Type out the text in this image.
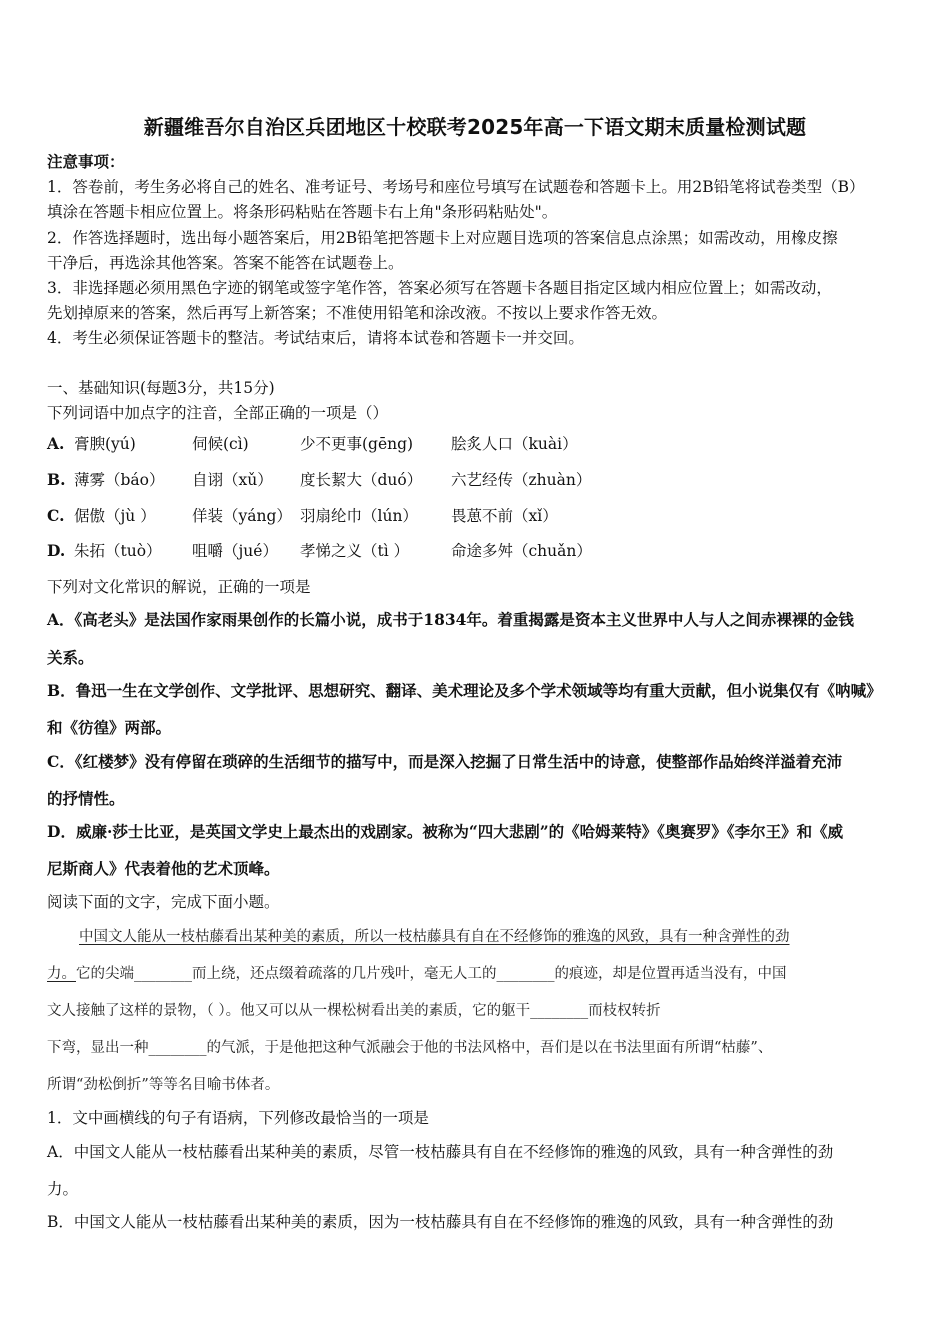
新疆维吾尔自治区兵团地区十校联考2025年高一下语文期末质量检测试题
注意事项：
1．答卷前，考生务必将自己的姓名、准考证号、考场号和座位号填写在试题卷和答题卡上。用2B铅笔将试卷类型（B）
填涂在答题卡相应位置上。将条形码粘贴在答题卡右上角"条形码粘贴处"。
2．作答选择题时，选出每小题答案后，用2B铅笔把答题卡上对应题目选项的答案信息点涂黑；如需改动，用橡皮擦
干净后，再选涂其他答案。答案不能答在试题卷上。
3．非选择题必须用黑色字迹的钢笔或签字笔作答，答案必须写在答题卡各题目指定区域内相应位置上；如需改动，
先划掉原来的答案，然后再写上新答案；不准使用铅笔和涂改液。不按以上要求作答无效。
4．考生必须保证答题卡的整洁。考试结束后，请将本试卷和答题卡一并交回。
一、基础知识(每题3分，共15分)
下列词语中加点字的注音，全部正确的一项是（）
A. 膏腴(yú)	伺候(cì)	少不更事(gēng) 脍炙人口（kuài）
B. 薄雾（báo） 自诩（xǔ） 度长絜大（duó） 六艺经传（zhuàn）
C. 倨傲（jù ） 佯装（yáng） 羽扇纶巾（lún） 畏葸不前（xǐ）
D. 朱拓（tuò） 咀嚼（jué） 孝悌之义（tì ）	命途多舛（chuǎn）
下列对文化常识的解说，正确的一项是
A．《高老头》是法国作家雨果创作的长篇小说，成书于1834年。着重揭露是资本主义世界中人与人之间赤裸裸的金钱
关系。
B．鲁迅一生在文学创作、文学批评、思想研究、翻译、美术理论及多个学术领域等均有重大贡献，但小说集仅有《呐喊》
和《彷徨》两部。
C．《红楼梦》没有停留在琐碎的生活细节的描写中，而是深入挖掘了日常生活中的诗意，使整部作品始终洋溢着充沛
的抒情性。
D．威廉·莎士比亚，是英国文学史上最杰出的戏剧家。被称为“四大悲剧”的《哈姆莱特》《奥赛罗》《李尔王》和《威
尼斯商人》代表着他的艺术顶峰。
阅读下面的文字，完成下面小题。
中国文人能从一枝枯藤看出某种美的素质，所以一枝枯藤具有自在不经修饰的雅逸的风致，具有一种含弹性的劲
力。它的尖端________而上绕，还点缀着疏落的几片残叶，毫无人工的________的痕迹，却是位置再适当没有，中国
文人接触了这样的景物，（ ）。他又可以从一棵松树看出美的素质，它的躯干________而枝权转折
下弯，显出一种________的气派，于是他把这种气派融会于他的书法风格中，吾们是以在书法里面有所谓“枯藤”、
所谓“劲松倒折”等等名目喻书体者。
1．文中画横线的句子有语病，下列修改最恰当的一项是
A．中国文人能从一枝枯藤看出某种美的素质，尽管一枝枯藤具有自在不经修饰的雅逸的风致，具有一种含弹性的劲
力。
B．中国文人能从一枝枯藤看出某种美的素质，因为一枝枯藤具有自在不经修饰的雅逸的风致，具有一种含弹性的劲
